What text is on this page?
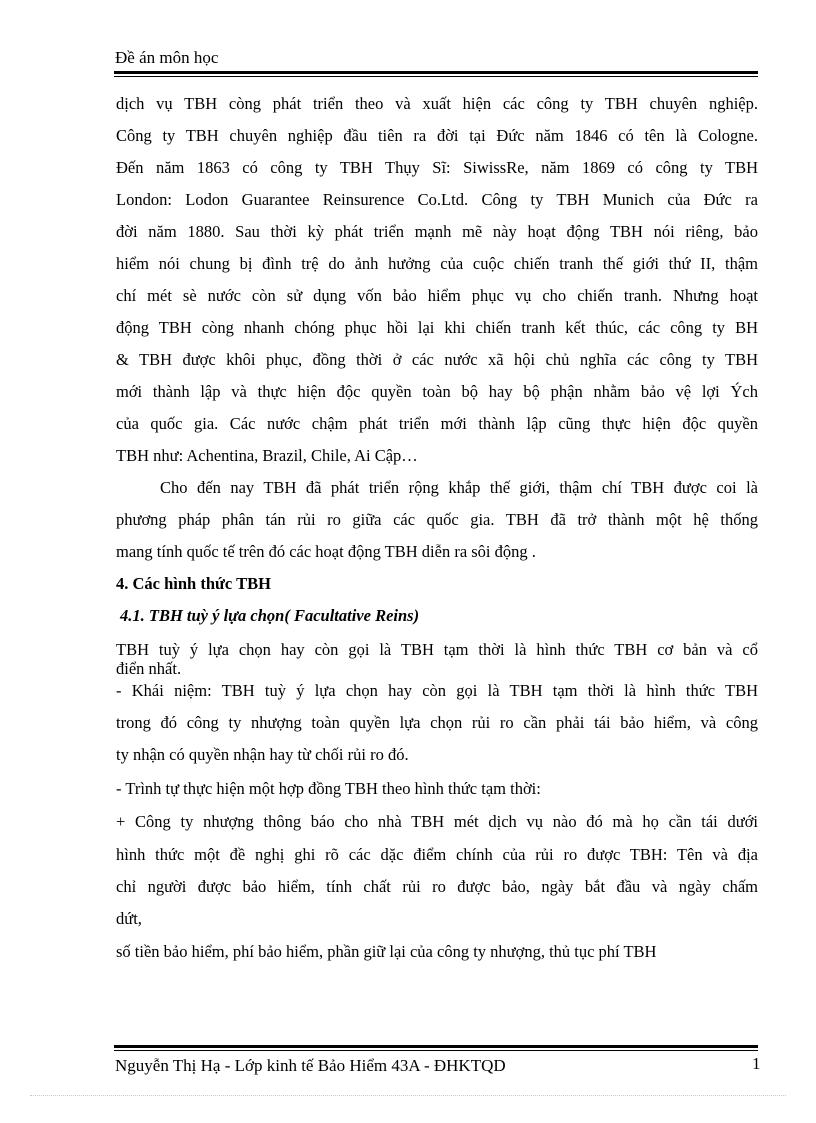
Đề án môn học
dịch vụ TBH còng phát triển theo và xuất hiện các công ty TBH chuyên nghiệp.
Công ty TBH chuyên nghiệp đầu tiên ra đời tại Đức năm 1846 có tên là Cologne.
Đến năm 1863 có công ty TBH Thụy Sĩ: SiwissRe, năm 1869 có công ty TBH
London: Lodon Guarantee Reinsurence Co.Ltd. Công ty TBH Munich của Đức ra
đời năm 1880. Sau thời kỳ phát triển mạnh mẽ này hoạt động TBH nói riêng, bảo
hiểm nói chung bị đình trệ do ảnh hưởng của cuộc chiến tranh thế giới thứ II, thậm
chí mét sè nước còn sử dụng vốn bảo hiểm phục vụ cho chiến tranh. Nhưng hoạt
động TBH còng nhanh chóng phục hồi lại khi chiến tranh kết thúc, các công ty BH
& TBH được khôi phục, đồng thời ở các nước xã hội chủ nghĩa các công ty TBH
mới thành lập và thực hiện độc quyền toàn bộ hay bộ phận nhằm bảo vệ lợi Ých
của quốc gia. Các nước chậm phát triển mới thành lập cũng thực hiện độc quyền
TBH như: Achentina, Brazil, Chile, Ai Cập…
Cho đến nay TBH đã phát triển rộng khắp thế giới, thậm chí TBH được coi là
phương pháp phân tán rủi ro giữa các quốc gia. TBH đã trở thành một hệ thống
mang tính quốc tế trên đó các hoạt động TBH diễn ra sôi động .
4. Các hình thức TBH
4.1. TBH tuỳ ý lựa chọn( Facultative Reins)
TBH tuỳ ý lựa chọn hay còn gọi là TBH tạm thời là hình thức TBH cơ bản và cổ
điển nhất.
- Khái niệm: TBH tuỳ ý lựa chọn hay còn gọi là TBH tạm thời là hình thức TBH
trong đó công ty nhượng toàn quyền lựa chọn rủi ro cần phải tái bảo hiểm, và công
ty nhận có quyền nhận hay từ chối rủi ro đó.
- Trình tự thực hiện một hợp đồng TBH theo hình thức tạm thời:
+ Công ty nhượng thông báo cho nhà TBH mét dịch vụ nào đó mà họ cần tái dưới
hình thức một đề nghị ghi rõ các dặc điểm chính của rủi ro được TBH: Tên và địa
chỉ người được bảo hiểm, tính chất rủi ro được bảo, ngày bắt đầu và ngày chấm
dứt,
số tiền bảo hiểm, phí bảo hiểm, phần giữ lại của công ty nhượng, thủ tục phí TBH
Nguyễn Thị Hạ - Lớp kinh tế Bảo Hiểm 43A - ĐHKTQD	1
